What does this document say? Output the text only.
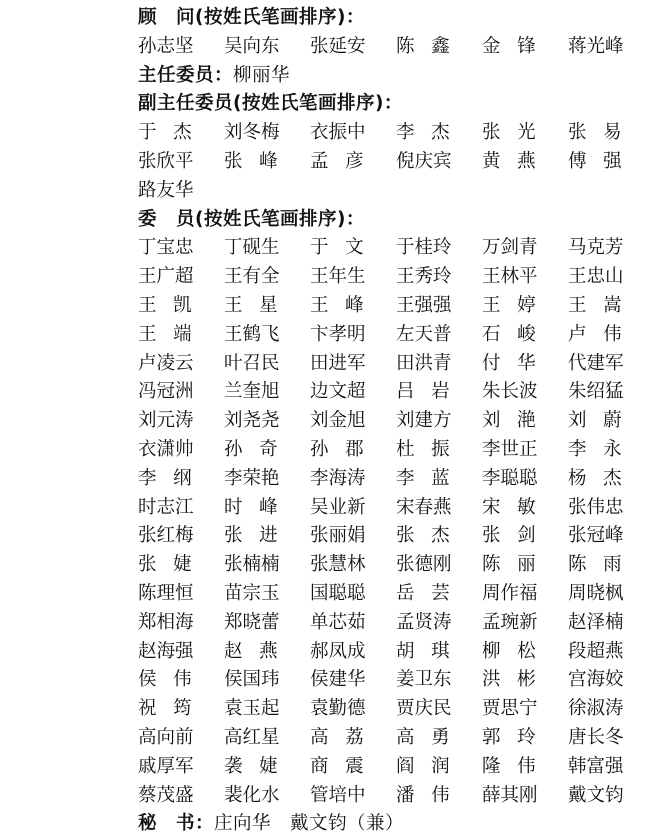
顾　问(按姓氏笔画排序)：
孙志坚	吴向东	张延安	陈鑫 金锋 蒋光峰
主任委员：柳丽华
副主任委员(按姓氏笔画排序)：
于杰 刘冬梅	衣振中	李杰 张光 张易
张欣平	张峰 孟彦 倪庆宾	黄燕 傅强
路友华
委　员(按姓氏笔画排序)：
丁宝忠	丁砚生	于文 于桂玲	万剑青	马克芳
王广超	王有全	王年生	王秀玲	王林平	王忠山
王凯 王星 王峰 王强强	王婷 王嵩
王端 王鹤飞	卞孝明	左天普	石峻 卢伟
卢凌云	叶召民	田进军	田洪青	付华 代建军
冯冠洲	兰奎旭	边文超	吕岩 朱长波	朱绍猛
刘元涛	刘尧尧	刘金旭	刘建方	刘滟 刘蔚
衣潇帅	孙奇 孙郡 杜振 李世正	李永
李纲 李荣艳	李海涛	李蓝 李聪聪	杨杰
时志江	时峰 吴业新	宋春燕	宋敏 张伟忠
张红梅	张进 张丽娟	张杰 张剑 张冠峰
张婕 张楠楠	张慧林	张德刚	陈丽 陈雨
陈理恒	苗宗玉	国聪聪	岳芸 周作福	周晓枫
郑相海	郑晓蕾	单芯茹	孟贤涛	孟琬新	赵泽楠
赵海强	赵燕 郝凤成	胡琪 柳松 段超燕
侯伟 侯国玮	侯建华	姜卫东	洪彬 宫海姣
祝筠 袁玉起	袁勤德	贾庆民	贾思宁	徐淑涛
高向前	高红星	高荔 高勇 郭玲 唐长冬
戚厚军	袭婕 商震 阎润 隆伟 韩富强
蔡茂盛	裴化水	管培中	潘伟 薛其刚	戴文钧
秘　书：庄向华　戴文钧（兼）
